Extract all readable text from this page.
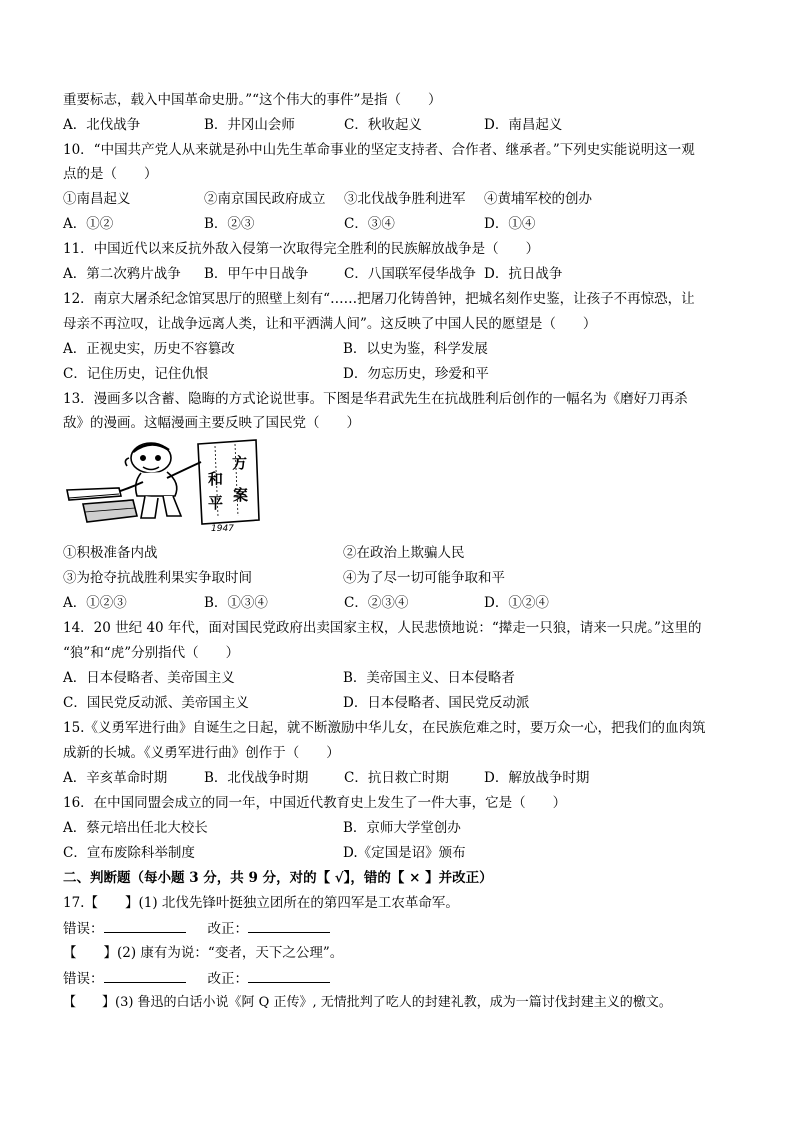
重要标志，载入中国革命史册。”“这个伟大的事件”是指（　　）
A．北伐战争	B．井冈山会师	C．秋收起义	D．南昌起义
10．“中国共产党人从来就是孙中山先生革命事业的坚定支持者、合作者、继承者。”下列史实能说明这一观
点的是（　　）
①南昌起义	②南京国民政府成立 ③北伐战争胜利进军 ④黄埔军校的创办
A．①②	B．②③	C．③④	D．①④
11．中国近代以来反抗外敌入侵第一次取得完全胜利的民族解放战争是（　　）
A．第二次鸦片战争 B．甲午中日战争	C．八国联军侵华战争 D．抗日战争
12．南京大屠杀纪念馆冥思厅的照壁上刻有“……把屠刀化铸兽钟，把城名刻作史鉴，让孩子不再惊恐，让
母亲不再泣叹，让战争远离人类，让和平洒满人间”。这反映了中国人民的愿望是（　　）
A．正视史实，历史不容篡改	B．以史为鉴，科学发展
C．记住历史，记住仇恨	D．勿忘历史，珍爱和平
13．漫画多以含蓄、隐晦的方式论说世事。下图是华君武先生在抗战胜利后创作的一幅名为《磨好刀再杀
敌》的漫画。这幅漫画主要反映了国民党（　　）
方
和
平 案
1947
①积极准备内战	②在政治上欺骗人民
③为抢夺抗战胜利果实争取时间	④为了尽一切可能争取和平
A．①②③	B．①③④	C．②③④	D．①②④
14．20 世纪 40 年代，面对国民党政府出卖国家主权，人民悲愤地说：“撵走一只狼，请来一只虎。”这里的
“狼”和“虎”分别指代（　　）
A．日本侵略者、美帝国主义	B．美帝国主义、日本侵略者
C．国民党反动派、美帝国主义	D．日本侵略者、国民党反动派
15.《义勇军进行曲》自诞生之日起，就不断激励中华儿女，在民族危难之时，要万众一心，把我们的血肉筑
成新的长城。《义勇军进行曲》创作于（　　）
A．辛亥革命时期	B．北伐战争时期	C．抗日救亡时期	D．解放战争时期
16．在中国同盟会成立的同一年，中国近代教育史上发生了一件大事，它是（　　）
A．蔡元培出任北大校长	B．京师大学堂创办
C．宣布废除科举制度	D.《定国是诏》颁布
二、判断题（每小题 3 分，共 9 分，对的【 √】，错的【 × 】并改正）
17.【　　】(1) 北伐先锋叶挺独立团所在的第四军是工农革命军。
错误：	改正：
【　　】(2) 康有为说：“变者，天下之公理”。
错误：	改正：
【　　】(3) 鲁迅的白话小说《阿 Q 正传》, 无情批判了吃人的封建礼教，成为一篇讨伐封建主义的檄文。
